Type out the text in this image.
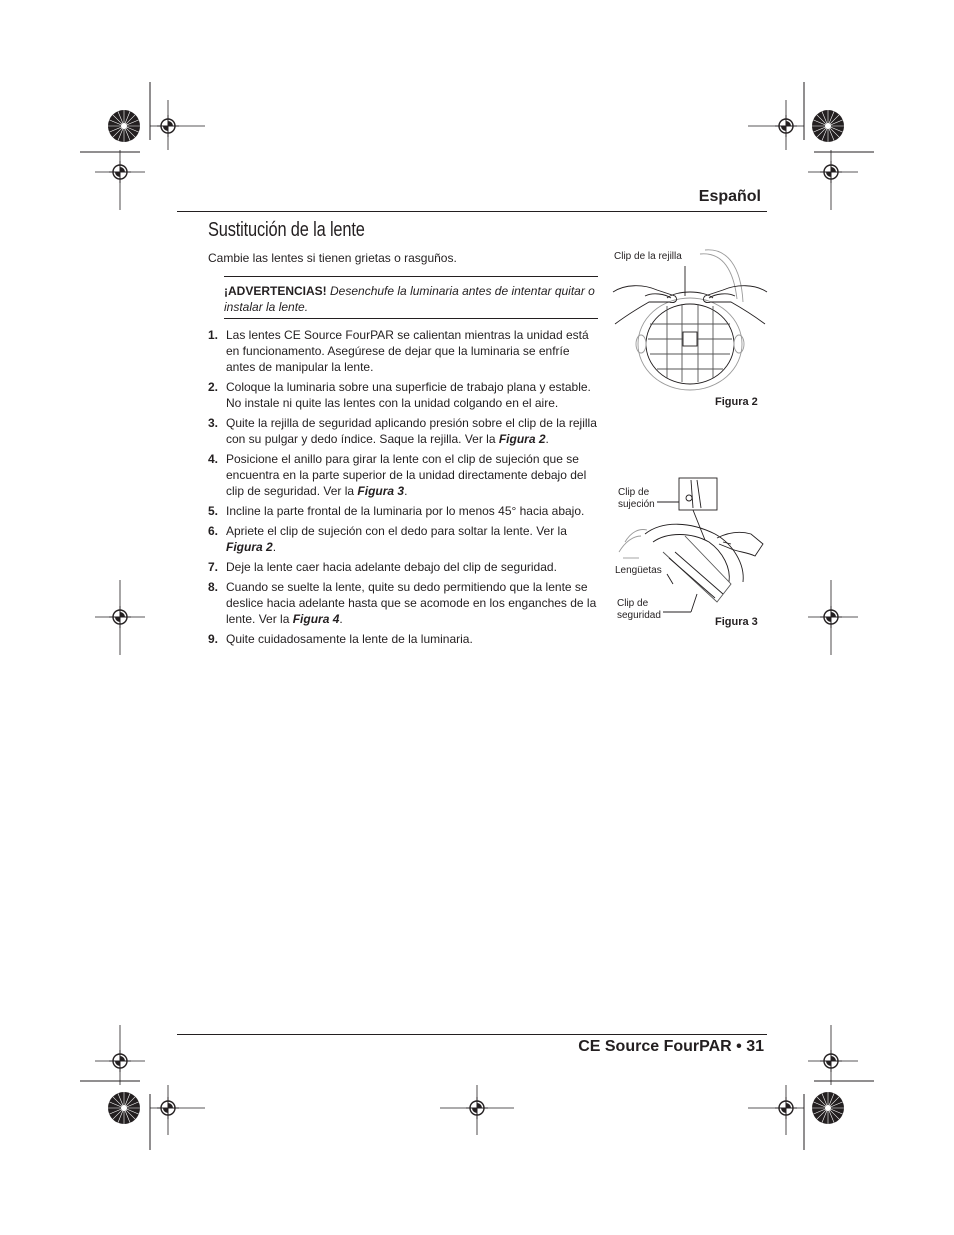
Español
Sustitución de la lente
Cambie las lentes si tienen grietas o rasguños.
¡ADVERTENCIAS! Desenchufe la luminaria antes de intentar quitar o instalar la lente.
1. Las lentes CE Source FourPAR se calientan mientras la unidad está en funcionamento. Asegúrese de dejar que la luminaria se enfríe antes de manipular la lente.
2. Coloque la luminaria sobre una superficie de trabajo plana y estable. No instale ni quite las lentes con la unidad colgando en el aire.
3. Quite la rejilla de seguridad aplicando presión sobre el clip de la rejilla con su pulgar y dedo índice. Saque la rejilla. Ver la Figura 2.
4. Posicione el anillo para girar la lente con el clip de sujeción que se encuentra en la parte superior de la unidad directamente debajo del clip de seguridad. Ver la Figura 3.
5. Incline la parte frontal de la luminaria por lo menos 45° hacia abajo.
6. Apriete el clip de sujeción con el dedo para soltar la lente. Ver la Figura 2.
7. Deje la lente caer hacia adelante debajo del clip de seguridad.
8. Cuando se suelte la lente, quite su dedo permitiendo que la lente se deslice hacia adelante hasta que se acomode en los enganches de la lente. Ver la Figura 4.
9. Quite cuidadosamente la lente de la luminaria.
Clip de la rejilla
Figura 2
Clip de
sujeción
Lengüetas
Clip de
seguridad
Figura 3
CE Source FourPAR • 31
